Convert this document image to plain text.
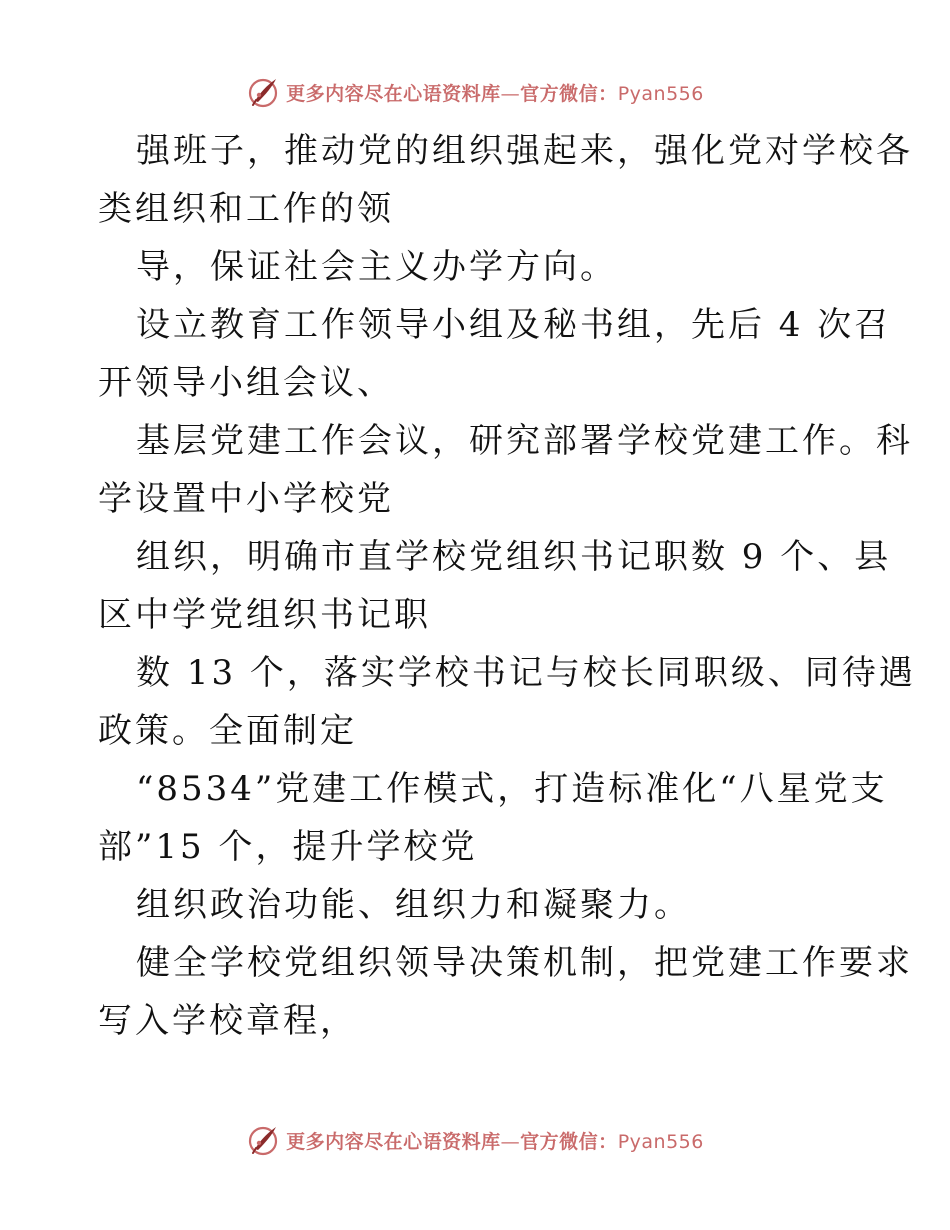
更多内容尽在心语资料库—官方微信：Pyan556
强班子，推动党的组织强起来，强化党对学校各
类组织和工作的领
导，保证社会主义办学方向。
设立教育工作领导小组及秘书组，先后 4 次召
开领导小组会议、
基层党建工作会议，研究部署学校党建工作。科
学设置中小学校党
组织，明确市直学校党组织书记职数 9 个、县
区中学党组织书记职
数 13 个，落实学校书记与校长同职级、同待遇
政策。全面制定
“8534”党建工作模式，打造标准化“八星党支
部”15 个，提升学校党
组织政治功能、组织力和凝聚力。
健全学校党组织领导决策机制，把党建工作要求
写入学校章程，
更多内容尽在心语资料库—官方微信：Pyan556
